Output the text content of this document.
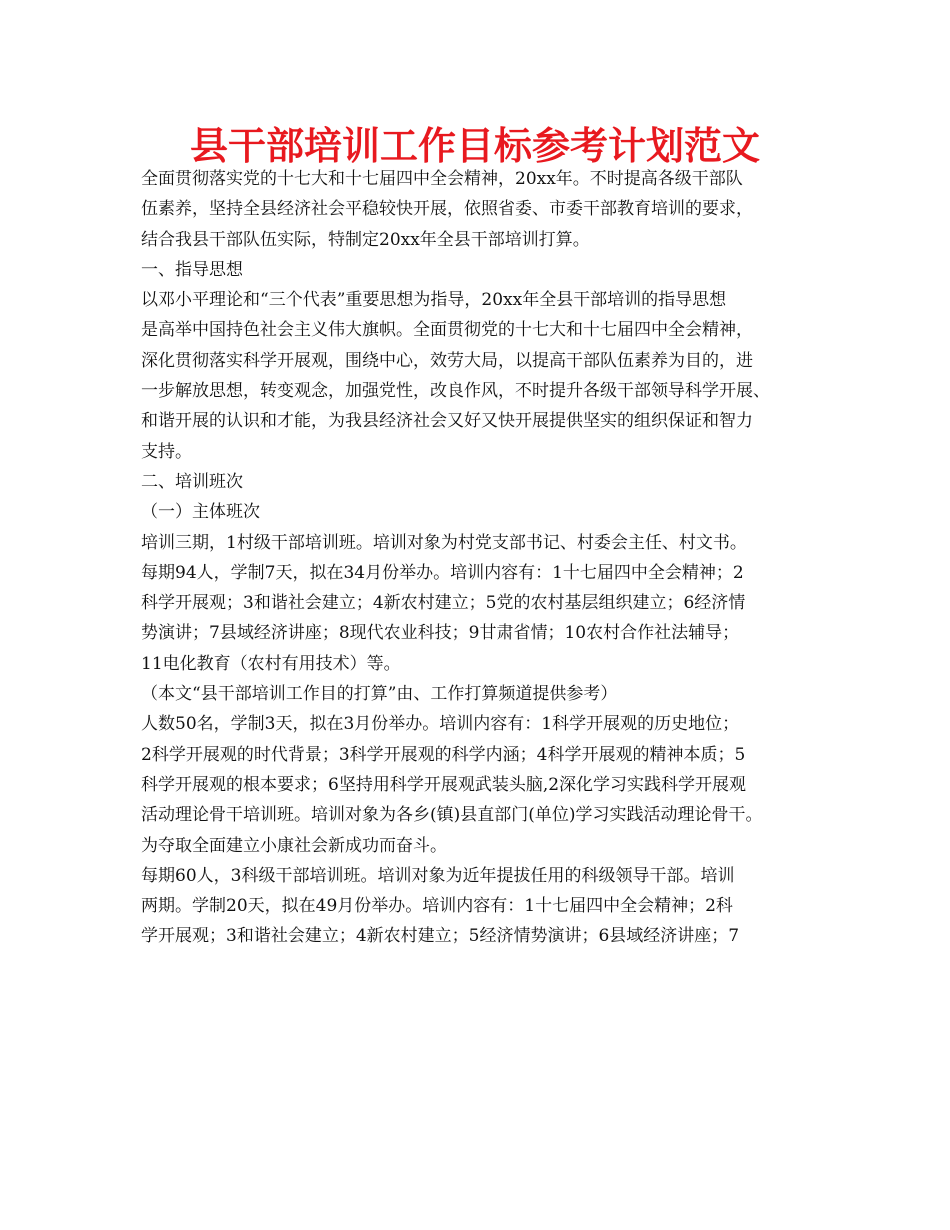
县干部培训工作目标参考计划范文
全面贯彻落实党的十七大和十七届四中全会精神，20xx年。不时提高各级干部队
伍素养，坚持全县经济社会平稳较快开展，依照省委、市委干部教育培训的要求，
结合我县干部队伍实际，特制定20xx年全县干部培训打算。
一、指导思想
以邓小平理论和“三个代表”重要思想为指导，20xx年全县干部培训的指导思想
是高举中国持色社会主义伟大旗帜。全面贯彻党的十七大和十七届四中全会精神，
深化贯彻落实科学开展观，围绕中心，效劳大局，以提高干部队伍素养为目的，进
一步解放思想，转变观念，加强党性，改良作风，不时提升各级干部领导科学开展、
和谐开展的认识和才能，为我县经济社会又好又快开展提供坚实的组织保证和智力
支持。
二、培训班次
（一）主体班次
培训三期，1村级干部培训班。培训对象为村党支部书记、村委会主任、村文书。
每期94人，学制7天，拟在34月份举办。培训内容有：1十七届四中全会精神；2
科学开展观；3和谐社会建立；4新农村建立；5党的农村基层组织建立；6经济情
势演讲；7县域经济讲座；8现代农业科技；9甘肃省情；10农村合作社法辅导；
11电化教育（农村有用技术）等。
（本文“县干部培训工作目的打算”由、工作打算频道提供参考）
人数50名，学制3天，拟在3月份举办。培训内容有：1科学开展观的历史地位；
2科学开展观的时代背景；3科学开展观的科学内涵；4科学开展观的精神本质；5
科学开展观的根本要求；6坚持用科学开展观武装头脑,2深化学习实践科学开展观
活动理论骨干培训班。培训对象为各乡(镇)县直部门(单位)学习实践活动理论骨干。
为夺取全面建立小康社会新成功而奋斗。
每期60人，3科级干部培训班。培训对象为近年提拔任用的科级领导干部。培训
两期。学制20天，拟在49月份举办。培训内容有：1十七届四中全会精神；2科
学开展观；3和谐社会建立；4新农村建立；5经济情势演讲；6县域经济讲座；7
